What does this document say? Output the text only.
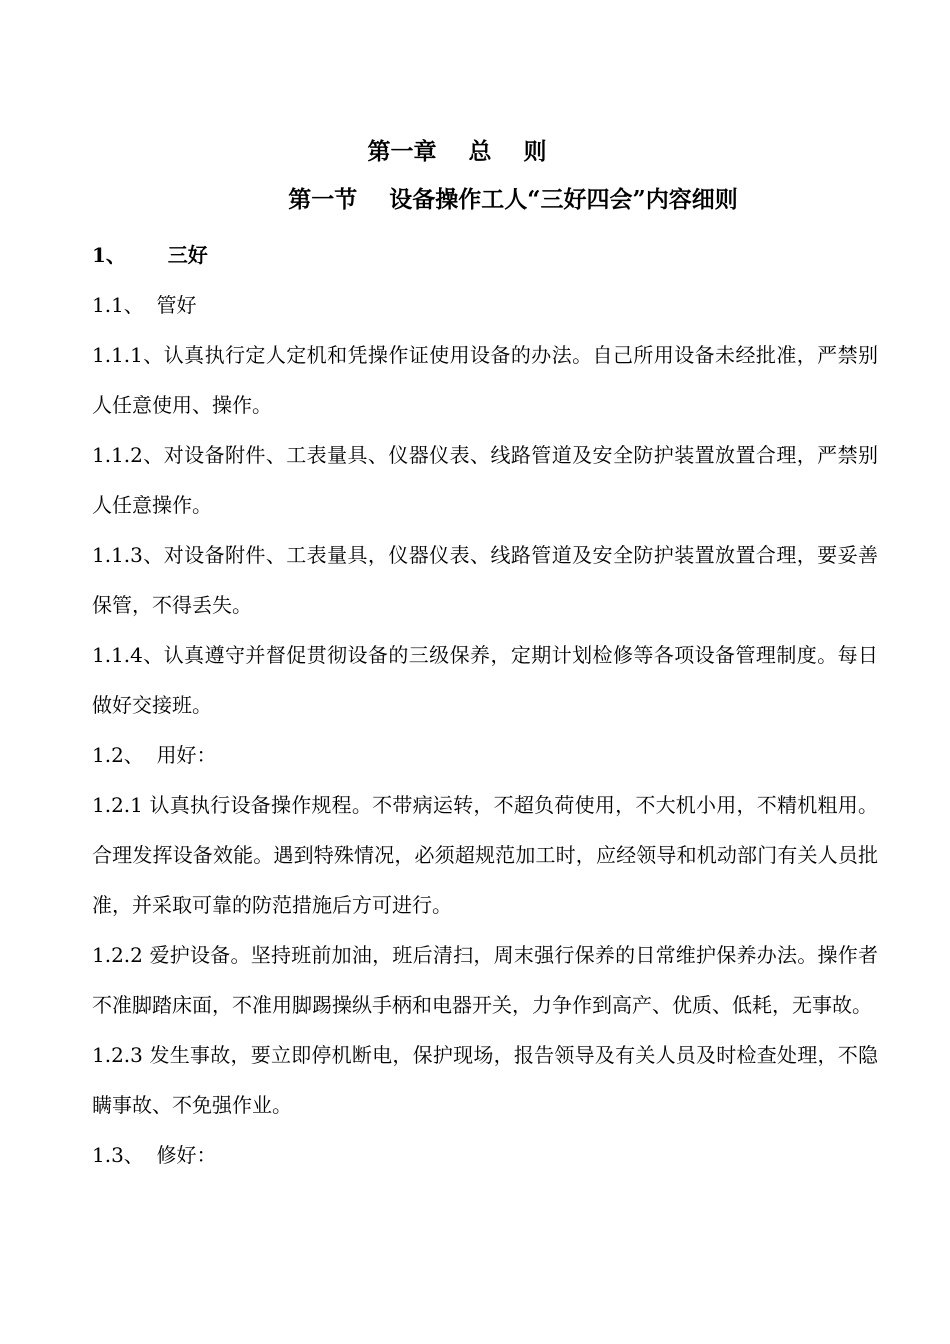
第一章    总    则
第一节    设备操作工人“三好四会”内容细则

1、      三好

1.1、  管好

1.1.1、认真执行定人定机和凭操作证使用设备的办法。自己所用设备未经批准，严禁别人任意使用、操作。

1.1.2、对设备附件、工表量具、仪器仪表、线路管道及安全防护装置放置合理，严禁别人任意操作。

1.1.3、对设备附件、工表量具，仪器仪表、线路管道及安全防护装置放置合理，要妥善保管，不得丢失。

1.1.4、认真遵守并督促贯彻设备的三级保养，定期计划检修等各项设备管理制度。每日做好交接班。

1.2、  用好：

1.2.1 认真执行设备操作规程。不带病运转，不超负荷使用，不大机小用，不精机粗用。合理发挥设备效能。遇到特殊情况，必须超规范加工时，应经领导和机动部门有关人员批准，并采取可靠的防范措施后方可进行。

1.2.2 爱护设备。坚持班前加油，班后清扫，周末强行保养的日常维护保养办法。操作者不准脚踏床面，不准用脚踢操纵手柄和电器开关，力争作到高产、优质、低耗，无事故。

1.2.3 发生事故，要立即停机断电，保护现场，报告领导及有关人员及时检查处理，不隐瞒事故、不免强作业。

1.3、  修好：
